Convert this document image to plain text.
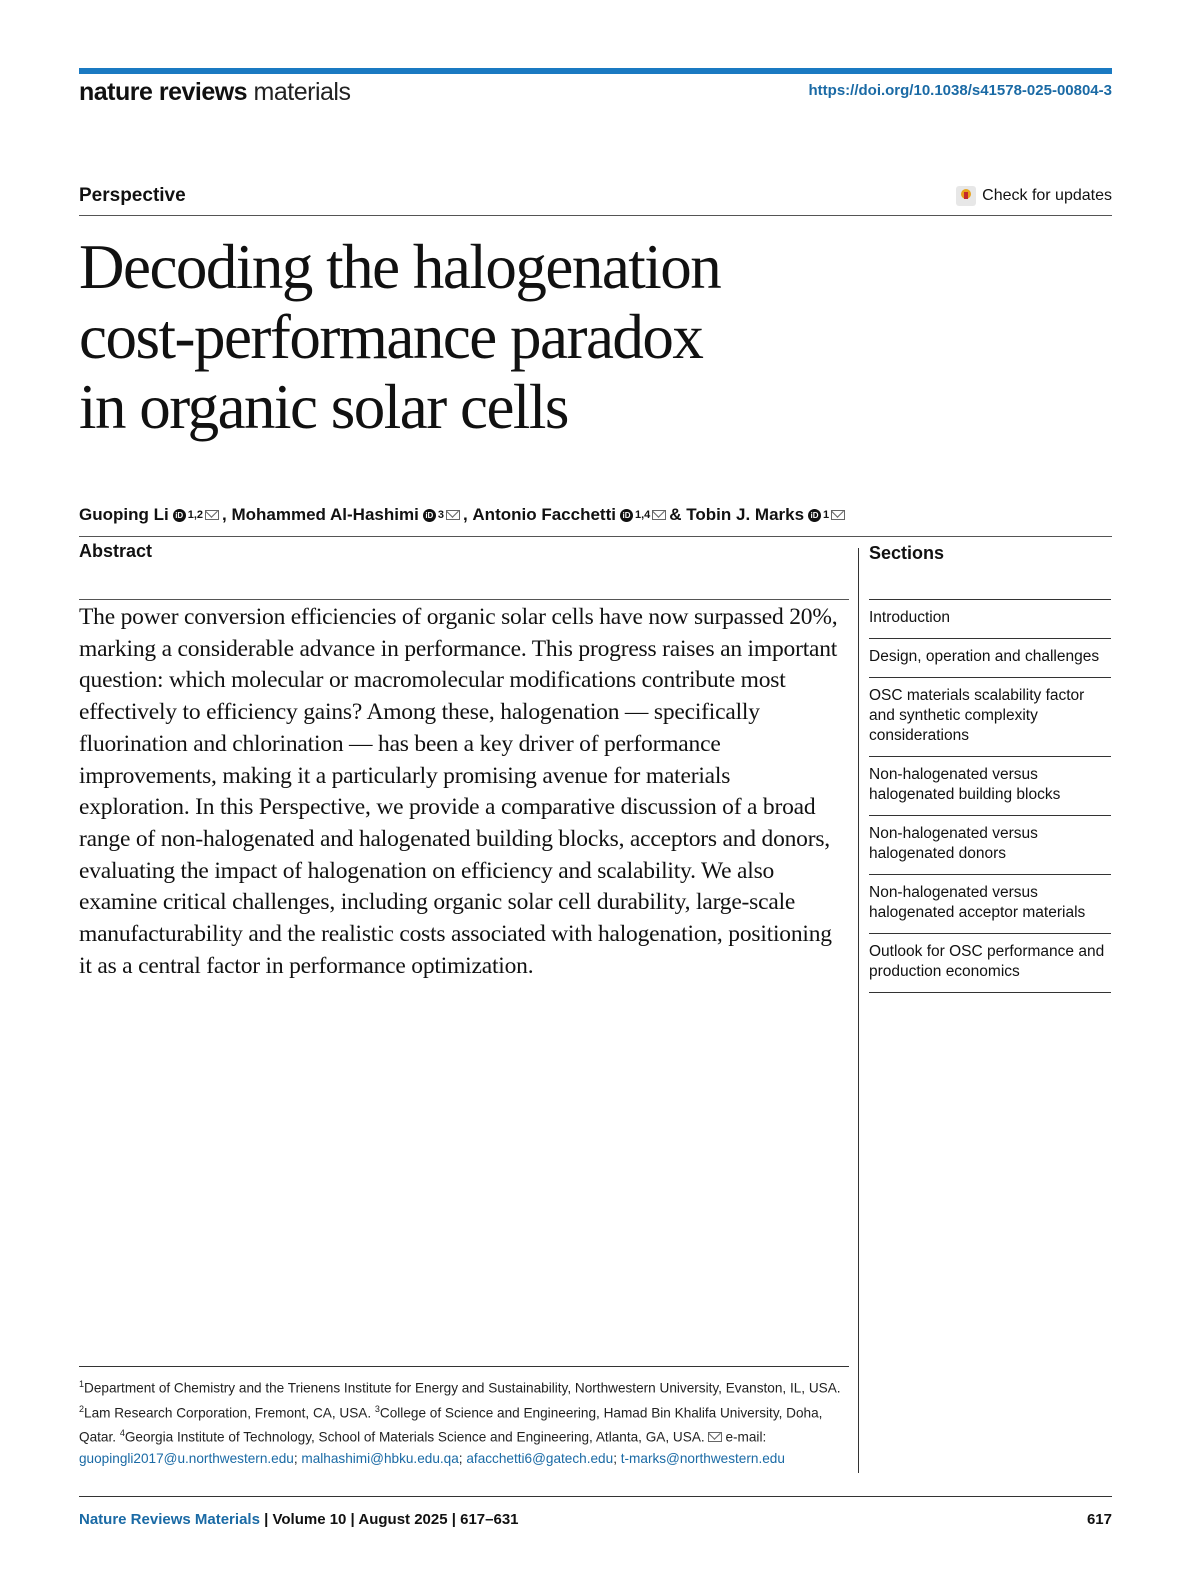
nature reviews materials	https://doi.org/10.1038/s41578-025-00804-3
Perspective	Check for updates
Decoding the halogenation
cost-performance paradox
in organic solar cells
Guoping Li iD 1,2 ,
Mohammed Al-Hashimi iD 3 ,
Antonio Facchetti iD 1,4 &
Tobin J. Marks iD 1
Abstract

The power conversion efficiencies of organic solar cells have now surpassed 20%, marking a considerable advance in performance. This progress raises an important question: which molecular or macromolecular modifications contribute most effectively to efficiency gains? Among these, halogenation — specifically fluorination and chlorination — has been a key driver of performance improvements, making it a particularly promising avenue for materials exploration. In this Perspective, we provide a comparative discussion of a broad range of non-halogenated and halogenated building blocks, acceptors and donors, evaluating the impact of halogenation on efficiency and scalability. We also examine critical challenges, including organic solar cell durability, large-scale manufacturability and the realistic costs associated with halogenation, positioning it as a central factor in performance optimization.

Sections
Introduction
Design, operation and challenges
OSC materials scalability factor and synthetic complexity considerations
Non-halogenated versus halogenated building blocks
Non-halogenated versus halogenated donors
Non-halogenated versus halogenated acceptor materials
Outlook for OSC performance and production economics

$^1$Department of Chemistry and the Trienens Institute for Energy and Sustainability, Northwestern University, Evanston, IL, USA. $^2$Lam Research Corporation, Fremont, CA, USA. $^3$College of Science and Engineering, Hamad Bin Khalifa University, Doha, Qatar. $^4$Georgia Institute of Technology, School of Materials Science and Engineering, Atlanta, GA, USA. e-mail: guopingli2017@u.northwestern.edu; malhashimi@hbku.edu.qa; afacchetti6@gatech.edu; t-marks@northwestern.edu

Nature Reviews Materials | Volume 10 | August 2025 | 617–631	617
